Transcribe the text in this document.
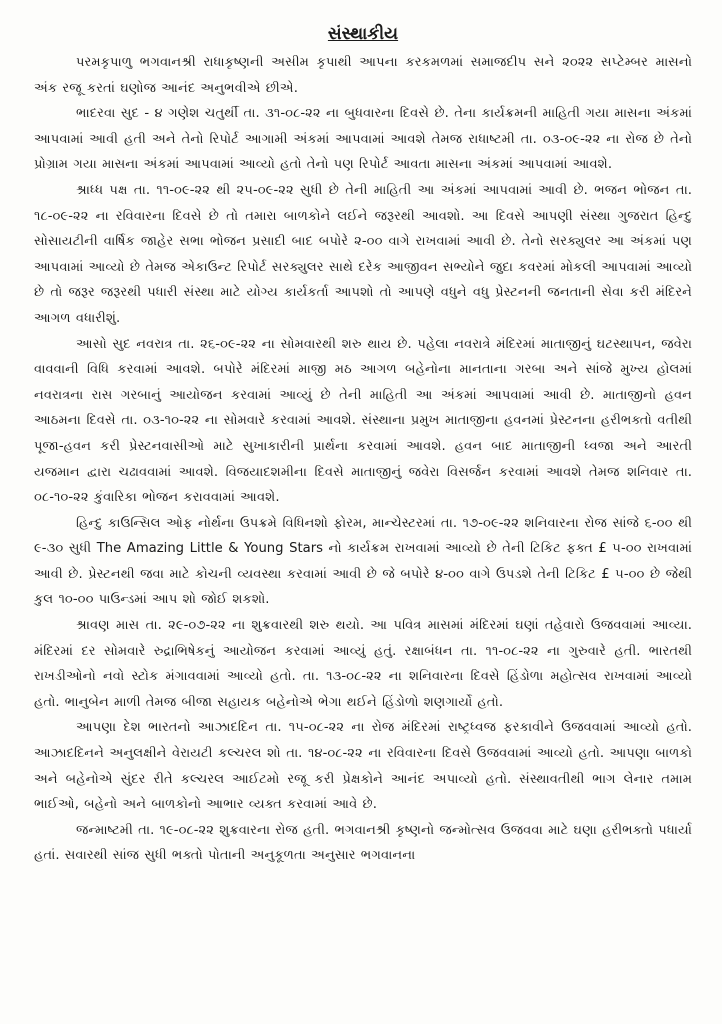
સંસ્થાકીય

પરમકૃપાળુ ભગવાનશ્રી રાધાકૃષ્ણની અસીમ કૃપાથી આપના કરકમળમાં સમાજદીપ સને ૨૦૨૨ સપ્ટેમ્બર માસનો અંક રજૂ કરતાં ઘણોજ આનંદ અનુભવીએ છીએ.

ભાદરવા સુદ - ૪ ગણેશ ચતુર્થી તા. ૩૧-૦૮-૨૨ ના બુધવારના દિવસે છે. તેના કાર્યક્રમની માહિતી ગયા માસના અંકમાં આપવામાં આવી હતી અને તેનો રિપોર્ટ આગામી અંકમાં આપવામાં આવશે તેમજ રાધાષ્ટમી તા. ૦૩-૦૯-૨૨ ના રોજ છે તેનો પ્રોગ્રામ ગયા માસના અંકમાં આપવામાં આવ્યો હતો તેનો પણ રિપોર્ટ આવતા માસના અંકમાં આપવામાં આવશે.

શ્રાધ્ધ પક્ષ તા. ૧૧-૦૯-૨૨ થી ૨૫-૦૯-૨૨ સુધી છે તેની માહિતી આ અંકમાં આપવામાં આવી છે. ભજન ભોજન તા. ૧૮-૦૯-૨૨ ના રવિવારના દિવસે છે તો તમારા બાળકોને લઈને જરૂરથી આવશો. આ દિવસે આપણી સંસ્થા ગુજરાત હિન્દુ સોસાયટીની વાર્ષિક જાહેર સભા ભોજન પ્રસાદી બાદ બપોરે ૨-૦૦ વાગે રાખવામાં આવી છે. તેનો સરક્યુલર આ અંકમાં પણ આપવામાં આવ્યો છે તેમજ એકાઉન્ટ રિપોર્ટ સરક્યુલર સાથે દરેક આજીવન સભ્યોને જુદા કવરમાં મોકલી આપવામાં આવ્યો છે તો જરૂર જરૂરથી પધારી સંસ્થા માટે યોગ્ય કાર્યકર્તા આપશો તો આપણે વધુને વધુ પ્રેસ્ટનની જનતાની સેવા કરી મંદિરને આગળ વધારીશું.

આસો સુદ નવરાત્ર તા. ૨૬-૦૯-૨૨ ના સોમવારથી શરુ થાય છે. પહેલા નવરાત્રે મંદિરમાં માતાજીનું ઘટસ્થાપન, જવેરા વાવવાની વિધિ કરવામાં આવશે. બપોરે મંદિરમાં માજી મઠ આગળ બહેનોના માનતાના ગરબા અને સાંજે મુખ્ય હોલમાં નવરાત્રના રાસ ગરબાનું આયોજન કરવામાં આવ્યું છે તેની માહિતી આ અંકમાં આપવામાં આવી છે. માતાજીનો હવન આઠમના દિવસે તા. ૦૩-૧૦-૨૨ ના સોમવારે કરવામાં આવશે. સંસ્થાના પ્રમુખ માતાજીના હવનમાં પ્રેસ્ટનના હરીભક્તો વતીથી પૂજા-હવન કરી પ્રેસ્ટનવાસીઓ માટે સુખાકારીની પ્રાર્થના કરવામાં આવશે. હવન બાદ માતાજીની ધ્વજા અને આરતી યજમાન દ્વારા ચઢાવવામાં આવશે. વિજયાદશમીના દિવસે માતાજીનું જવેરા વિસર્જન કરવામાં આવશે તેમજ શનિવાર તા. ૦૮-૧૦-૨૨ કુંવારિકા ભોજન કરાવવામાં આવશે.

હિન્દુ કાઉન્સિલ ઓફ નોર્થના ઉપક્રમે વિધિનશો ફોરમ, માન્ચેસ્ટરમાં તા. ૧૭-૦૯-૨૨ શનિવારના રોજ સાંજે ૬-૦૦ થી ૯-૩૦ સુધી The Amazing Little & Young Stars નો કાર્યક્રમ રાખવામાં આવ્યો છે તેની ટિકિટ ફક્ત £ ૫-૦૦ રાખવામાં આવી છે. પ્રેસ્ટનથી જવા માટે કોચની વ્યવસ્થા કરવામાં આવી છે જે બપોરે ૪-૦૦ વાગે ઉપડશે તેની ટિકિટ £ ૫-૦૦ છે જેથી કુલ ૧૦-૦૦ પાઉન્ડમાં આપ શો જોઈ શકશો.

શ્રાવણ માસ તા. ૨૯-૦૭-૨૨ ના શુક્રવારથી શરુ થયો. આ પવિત્ર માસમાં મંદિરમાં ઘણાં તહેવારો ઉજવવામાં આવ્યા. મંદિરમાં દર સોમવારે રુદ્રાભિષેકનું આયોજન કરવામાં આવ્યું હતું. રક્ષાબંધન તા. ૧૧-૦૮-૨૨ ના ગુરુવારે હતી. ભારતથી રાખડીઓનો નવો સ્ટોક મંગાવવામાં આવ્યો હતો. તા. ૧૩-૦૮-૨૨ ના શનિવારના દિવસે હિંડોળા મહોત્સવ રાખવામાં આવ્યો હતો. ભાનુબેન માળી તેમજ બીજા સહાયક બહેનોએ ભેગા થઈને હિંડોળો શણગાર્યો હતો.

આપણા દેશ ભારતનો આઝાદદિન તા. ૧૫-૦૮-૨૨ ના રોજ મંદિરમાં રાષ્ટ્રધ્વજ ફરકાવીને ઉજવવામાં આવ્યો હતો. આઝાદદિનને અનુલક્ષીને વેરાયટી કલ્ચરલ શો તા. ૧૪-૦૮-૨૨ ના રવિવારના દિવસે ઉજવવામાં આવ્યો હતો. આપણા બાળકો અને બહેનોએ સુંદર રીતે કલ્ચરલ આઈટમો રજૂ કરી પ્રેક્ષકોને આનંદ અપાવ્યો હતો. સંસ્થાવતીથી ભાગ લેનાર તમામ ભાઈઓ, બહેનો અને બાળકોનો આભાર વ્યક્ત કરવામાં આવે છે.

જન્માષ્ટમી તા. ૧૯-૦૮-૨૨ શુક્રવારના રોજ હતી. ભગવાનશ્રી કૃષ્ણનો જન્મોત્સવ ઉજવવા માટે ઘણા હરીભક્તો પધાર્યા હતાં. સવારથી સાંજ સુધી ભક્તો પોતાની અનુકૂળતા અનુસાર ભગવાનના
